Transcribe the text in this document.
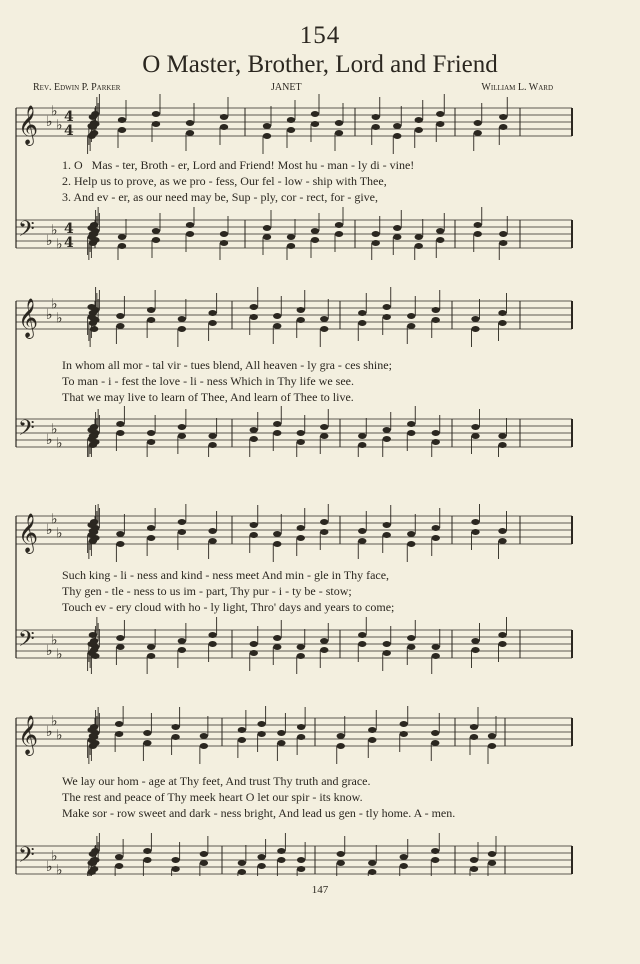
154
O Master, Brother, Lord and Friend
Rev. Edwin P. Parker	JANET	William L. Ward
𝄞 ♭
♭
♭
4
4
𝄢 ♭
♭
♭
4
4
1. O   Mas - ter, Broth - er, Lord and Friend! Most hu - man - ly di - vine!
2. Help us to prove, as we pro - fess, Our fel - low - ship with Thee,
3. And ev - er, as our need may be, Sup - ply, cor - rect, for - give,
𝄞 ♭
♭
♭
𝄢 ♭
♭
♭
In whom all mor - tal vir - tues blend, All heaven - ly gra - ces shine;
To man - i - fest the love - li - ness Which in Thy life we see.
That we may live to learn of Thee, And learn of Thee to live.
𝄞 ♭
♭
♭
𝄢 ♭
♭
♭
Such king - li - ness and kind - ness meet And min - gle in Thy face,
Thy gen - tle - ness to us im - part, Thy pur - i - ty be - stow;
Touch ev - ery cloud with ho - ly light, Thro' days and years to come;
𝄞 ♭
♭
♭
𝄢 ♭
♭
♭
We lay our hom - age at Thy feet, And trust Thy truth and grace.
The rest and peace of Thy meek heart O let our spir - its know.
Make sor - row sweet and dark - ness bright, And lead us gen - tly home. A - men.
147
